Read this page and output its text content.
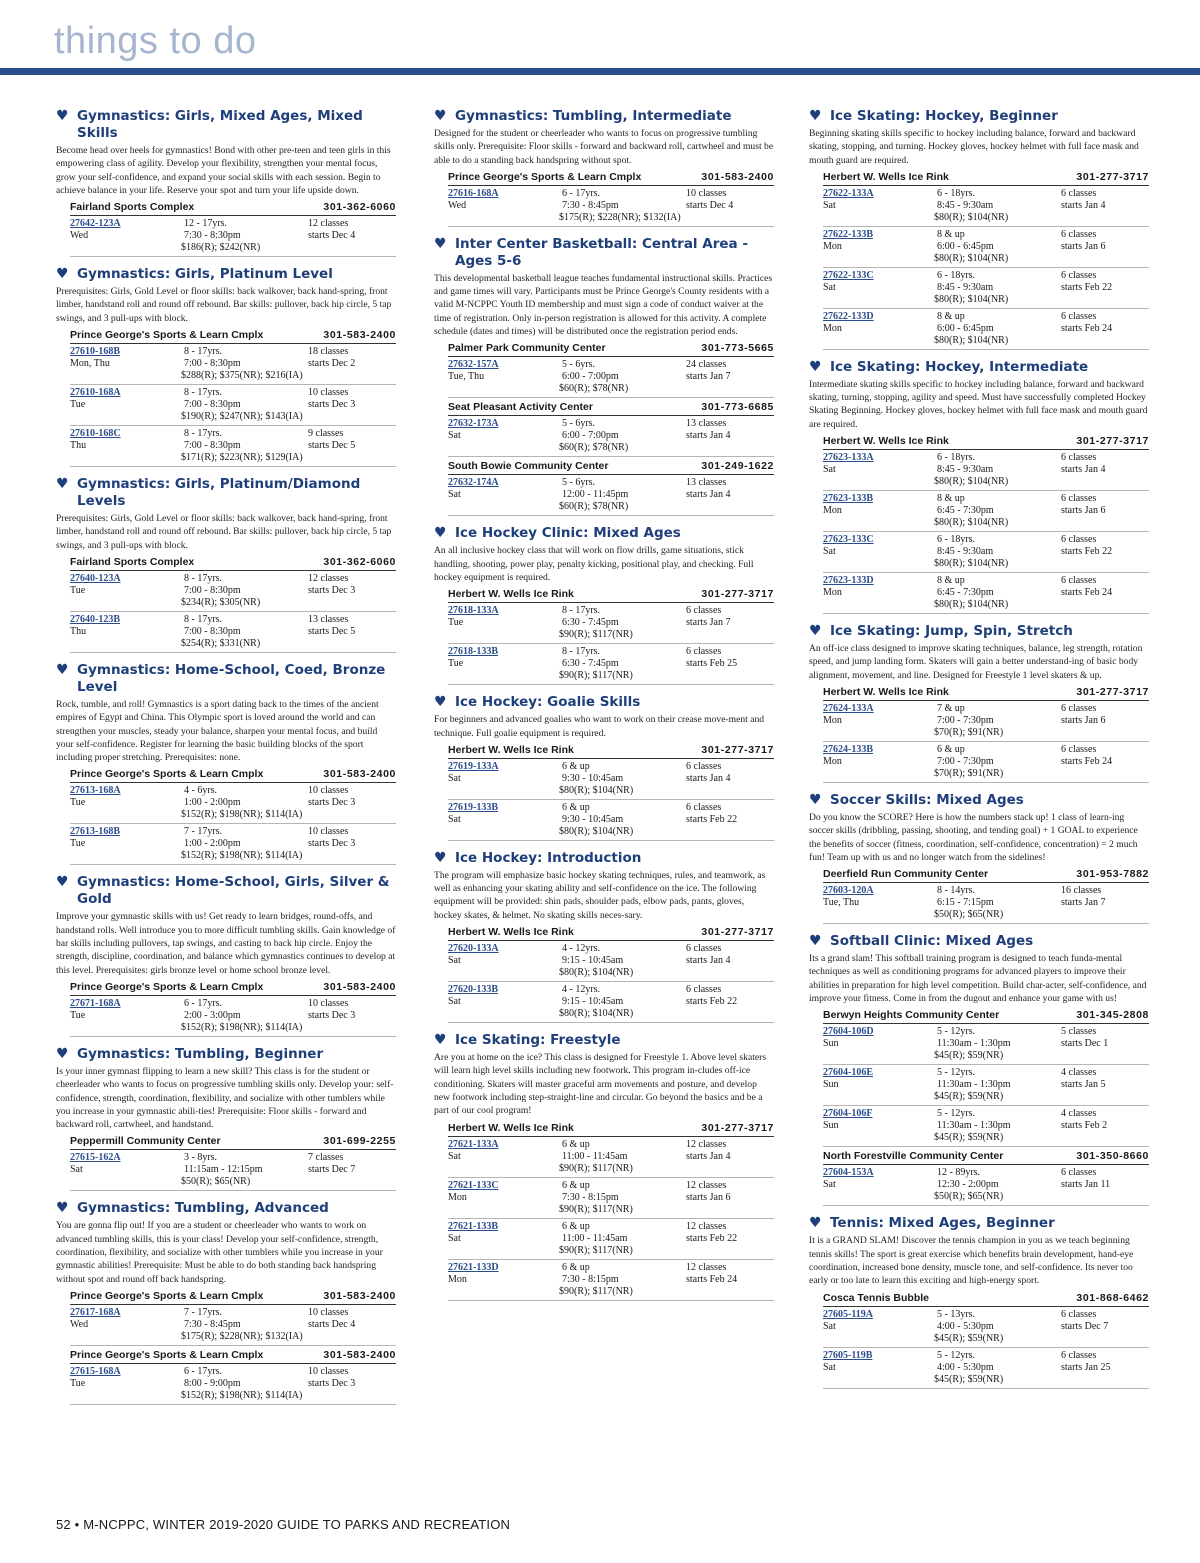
things to do
♥ Gymnastics: Girls, Mixed Ages, Mixed Skills
Become head over heels for gymnastics! Bond with other pre-teen and teen girls in this empowering class of agility. Develop your flexibility, strengthen your mental focus, grow your self-confidence, and expand your social skills with each session. Begin to achieve balance in your life. Reserve your spot and turn your life upside down.
Fairland Sports Complex	301-362-6060
27642-123A	12 - 17yrs.	12 classes
Wed	7:30 - 8:30pm	starts Dec 4
$186(R); $242(NR)
♥ Gymnastics: Girls, Platinum Level
Prerequisites: Girls, Gold Level or floor skills: back walkover, back hand-spring, front limber, handstand roll and round off rebound. Bar skills: pullover, back hip circle, 5 tap swings, and 3 pull-ups with block.
Prince George's Sports & Learn Cmplx	301-583-2400
27610-168B	8 - 17yrs.	18 classes
Mon, Thu	7:00 - 8:30pm	starts Dec 2
$288(R); $375(NR); $216(IA)
27610-168A	8 - 17yrs.	10 classes
Tue	7:00 - 8:30pm	starts Dec 3
$190(R); $247(NR); $143(IA)
27610-168C	8 - 17yrs.	9 classes
Thu	7:00 - 8:30pm	starts Dec 5
$171(R); $223(NR); $129(IA)
♥ Gymnastics: Girls, Platinum/Diamond Levels
Prerequisites: Girls, Gold Level or floor skills: back walkover, back hand-spring, front limber, handstand roll and round off rebound. Bar skills: pullover, back hip circle, 5 tap swings, and 3 pull-ups with block.
Fairland Sports Complex	301-362-6060
27640-123A	8 - 17yrs.	12 classes
Tue	7:00 - 8:30pm	starts Dec 3
$234(R); $305(NR)
27640-123B	8 - 17yrs.	13 classes
Thu	7:00 - 8:30pm	starts Dec 5
$254(R); $331(NR)
♥ Gymnastics: Home-School, Coed, Bronze Level
Rock, tumble, and roll! Gymnastics is a sport dating back to the times of the ancient empires of Egypt and China. This Olympic sport is loved around the world and can strengthen your muscles, steady your balance, sharpen your mental focus, and build your self-confidence. Register for learning the basic building blocks of the sport including proper stretching. Prerequisites: none.
Prince George's Sports & Learn Cmplx	301-583-2400
27613-168A	4 - 6yrs.	10 classes
Tue	1:00 - 2:00pm	starts Dec 3
$152(R); $198(NR); $114(IA)
27613-168B	7 - 17yrs.	10 classes
Tue	1:00 - 2:00pm	starts Dec 3
$152(R); $198(NR); $114(IA)
♥ Gymnastics: Home-School, Girls, Silver & Gold
Improve your gymnastic skills with us! Get ready to learn bridges, round-offs, and handstand rolls. Well introduce you to more difficult tumbling skills. Gain knowledge of bar skills including pullovers, tap swings, and casting to back hip circle. Enjoy the strength, discipline, coordination, and balance which gymnastics continues to develop at this level. Prerequisites: girls bronze level or home school bronze level.
Prince George's Sports & Learn Cmplx	301-583-2400
27671-168A	6 - 17yrs.	10 classes
Tue	2:00 - 3:00pm	starts Dec 3
$152(R); $198(NR); $114(IA)
♥ Gymnastics: Tumbling, Beginner
Is your inner gymnast flipping to learn a new skill? This class is for the student or cheerleader who wants to focus on progressive tumbling skills only. Develop your: self-confidence, strength, coordination, flexibility, and socialize with other tumblers while you increase in your gymnastic abili-ties! Prerequisite: Floor skills - forward and backward roll, cartwheel, and handstand.
Peppermill Community Center	301-699-2255
27615-162A	3 - 8yrs.	7 classes
Sat	11:15am - 12:15pm	starts Dec 7
$50(R); $65(NR)
♥ Gymnastics: Tumbling, Advanced
You are gonna flip out! If you are a student or cheerleader who wants to work on advanced tumbling skills, this is your class! Develop your self-confidence, strength, coordination, flexibility, and socialize with other tumblers while you increase in your gymnastic abilities! Prerequisite: Must be able to do both standing back handspring without spot and round off back handspring.
Prince George's Sports & Learn Cmplx	301-583-2400
27617-168A	7 - 17yrs.	10 classes
Wed	7:30 - 8:45pm	starts Dec 4
$175(R); $228(NR); $132(IA)
Prince George's Sports & Learn Cmplx	301-583-2400
27615-168A	6 - 17yrs.	10 classes
Tue	8:00 - 9:00pm	starts Dec 3
$152(R); $198(NR); $114(IA)
♥ Gymnastics: Tumbling, Intermediate
Designed for the student or cheerleader who wants to focus on progressive tumbling skills only. Prerequisite: Floor skills - forward and backward roll, cartwheel and must be able to do a standing back handspring without spot.
Prince George's Sports & Learn Cmplx	301-583-2400
27616-168A	6 - 17yrs.	10 classes
Wed	7:30 - 8:45pm	starts Dec 4
$175(R); $228(NR); $132(IA)
♥ Inter Center Basketball: Central Area - Ages 5-6
This developmental basketball league teaches fundamental instructional skills. Practices and game times will vary. Participants must be Prince George's County residents with a valid M-NCPPC Youth ID membership and must sign a code of conduct waiver at the time of registration. Only in-person registration is allowed for this activity. A complete schedule (dates and times) will be distributed once the registration period ends.
Palmer Park Community Center	301-773-5665
27632-157A	5 - 6yrs.	24 classes
Tue, Thu	6:00 - 7:00pm	starts Jan 7
$60(R); $78(NR)
Seat Pleasant Activity Center	301-773-6685
27632-173A	5 - 6yrs.	13 classes
Sat	6:00 - 7:00pm	starts Jan 4
$60(R); $78(NR)
South Bowie Community Center	301-249-1622
27632-174A	5 - 6yrs.	13 classes
Sat	12:00 - 11:45pm	starts Jan 4
$60(R); $78(NR)
♥ Ice Hockey Clinic: Mixed Ages
An all inclusive hockey class that will work on flow drills, game situations, stick handling, shooting, power play, penalty kicking, positional play, and checking. Full hockey equipment is required.
Herbert W. Wells Ice Rink	301-277-3717
27618-133A	8 - 17yrs.	6 classes
Tue	6:30 - 7:45pm	starts Jan 7
$90(R); $117(NR)
27618-133B	8 - 17yrs.	6 classes
Tue	6:30 - 7:45pm	starts Feb 25
$90(R); $117(NR)
♥ Ice Hockey: Goalie Skills
For beginners and advanced goalies who want to work on their crease move-ment and technique. Full goalie equipment is required.
Herbert W. Wells Ice Rink	301-277-3717
27619-133A	6 & up	6 classes
Sat	9:30 - 10:45am	starts Jan 4
$80(R); $104(NR)
27619-133B	6 & up	6 classes
Sat	9:30 - 10:45am	starts Feb 22
$80(R); $104(NR)
♥ Ice Hockey: Introduction
The program will emphasize basic hockey skating techniques, rules, and teamwork, as well as enhancing your skating ability and self-confidence on the ice. The following equipment will be provided: shin pads, shoulder pads, elbow pads, pants, gloves, hockey skates, & helmet. No skating skills neces-sary.
Herbert W. Wells Ice Rink	301-277-3717
27620-133A	4 - 12yrs.	6 classes
Sat	9:15 - 10:45am	starts Jan 4
$80(R); $104(NR)
27620-133B	4 - 12yrs.	6 classes
Sat	9:15 - 10:45am	starts Feb 22
$80(R); $104(NR)
♥ Ice Skating: Freestyle
Are you at home on the ice? This class is designed for Freestyle 1. Above level skaters will learn high level skills including new footwork. This program in-cludes off-ice conditioning. Skaters will master graceful arm movements and posture, and develop new footwork including step-straight-line and circular. Go beyond the basics and be a part of our cool program!
Herbert W. Wells Ice Rink	301-277-3717
27621-133A	6 & up	12 classes
Sat	11:00 - 11:45am	starts Jan 4
$90(R); $117(NR)
27621-133C	6 & up	12 classes
Mon	7:30 - 8:15pm	starts Jan 6
$90(R); $117(NR)
27621-133B	6 & up	12 classes
Sat	11:00 - 11:45am	starts Feb 22
$90(R); $117(NR)
27621-133D	6 & up	12 classes
Mon	7:30 - 8:15pm	starts Feb 24
$90(R); $117(NR)
♥ Ice Skating: Hockey, Beginner
Beginning skating skills specific to hockey including balance, forward and backward skating, stopping, and turning. Hockey gloves, hockey helmet with full face mask and mouth guard are required.
Herbert W. Wells Ice Rink	301-277-3717
27622-133A	6 - 18yrs.	6 classes
Sat	8:45 - 9:30am	starts Jan 4
$80(R); $104(NR)
27622-133B	8 & up	6 classes
Mon	6:00 - 6:45pm	starts Jan 6
$80(R); $104(NR)
27622-133C	6 - 18yrs.	6 classes
Sat	8:45 - 9:30am	starts Feb 22
$80(R); $104(NR)
27622-133D	8 & up	6 classes
Mon	6:00 - 6:45pm	starts Feb 24
$80(R); $104(NR)
♥ Ice Skating: Hockey, Intermediate
Intermediate skating skills specific to hockey including balance, forward and backward skating, turning, stopping, agility and speed. Must have successfully completed Hockey Skating Beginning. Hockey gloves, hockey helmet with full face mask and mouth guard are required.
Herbert W. Wells Ice Rink	301-277-3717
27623-133A	6 - 18yrs.	6 classes
Sat	8:45 - 9:30am	starts Jan 4
$80(R); $104(NR)
27623-133B	8 & up	6 classes
Mon	6:45 - 7:30pm	starts Jan 6
$80(R); $104(NR)
27623-133C	6 - 18yrs.	6 classes
Sat	8:45 - 9:30am	starts Feb 22
$80(R); $104(NR)
27623-133D	8 & up	6 classes
Mon	6:45 - 7:30pm	starts Feb 24
$80(R); $104(NR)
♥ Ice Skating: Jump, Spin, Stretch
An off-ice class designed to improve skating techniques, balance, leg strength, rotation speed, and jump landing form. Skaters will gain a better understand-ing of basic body alignment, movement, and line. Designed for Freestyle 1 level skaters & up.
Herbert W. Wells Ice Rink	301-277-3717
27624-133A	7 & up	6 classes
Mon	7:00 - 7:30pm	starts Jan 6
$70(R); $91(NR)
27624-133B	6 & up	6 classes
Mon	7:00 - 7:30pm	starts Feb 24
$70(R); $91(NR)
♥ Soccer Skills: Mixed Ages
Do you know the SCORE? Here is how the numbers stack up! 1 class of learn-ing soccer skills (dribbling, passing, shooting, and tending goal) + 1 GOAL to experience the benefits of soccer (fitness, coordination, self-confidence, concentration) = 2 much fun! Team up with us and no longer watch from the sidelines!
Deerfield Run Community Center	301-953-7882
27603-120A	8 - 14yrs.	16 classes
Tue, Thu	6:15 - 7:15pm	starts Jan 7
$50(R); $65(NR)
♥ Softball Clinic: Mixed Ages
Its a grand slam! This softball training program is designed to teach funda-mental techniques as well as conditioning programs for advanced players to improve their abilities in preparation for high level competition. Build char-acter, self-confidence, and improve your fitness. Come in from the dugout and enhance your game with us!
Berwyn Heights Community Center	301-345-2808
27604-106D	5 - 12yrs.	5 classes
Sun	11:30am - 1:30pm	starts Dec 1
$45(R); $59(NR)
27604-106E	5 - 12yrs.	4 classes
Sun	11:30am - 1:30pm	starts Jan 5
$45(R); $59(NR)
27604-106F	5 - 12yrs.	4 classes
Sun	11:30am - 1:30pm	starts Feb 2
$45(R); $59(NR)
North Forestville Community Center	301-350-8660
27604-153A	12 - 89yrs.	6 classes
Sat	12:30 - 2:00pm	starts Jan 11
$50(R); $65(NR)
♥ Tennis: Mixed Ages, Beginner
It is a GRAND SLAM! Discover the tennis champion in you as we teach beginning tennis skills! The sport is great exercise which benefits brain development, hand-eye coordination, increased bone density, muscle tone, and self-confidence. Its never too early or too late to learn this exciting and high-energy sport.
Cosca Tennis Bubble	301-868-6462
27605-119A	5 - 13yrs.	6 classes
Sat	4:00 - 5:30pm	starts Dec 7
$45(R); $59(NR)
27605-119B	5 - 12yrs.	6 classes
Sat	4:00 - 5:30pm	starts Jan 25
$45(R); $59(NR)
52 • M-NCPPC, WINTER 2019-2020 GUIDE TO PARKS AND RECREATION
